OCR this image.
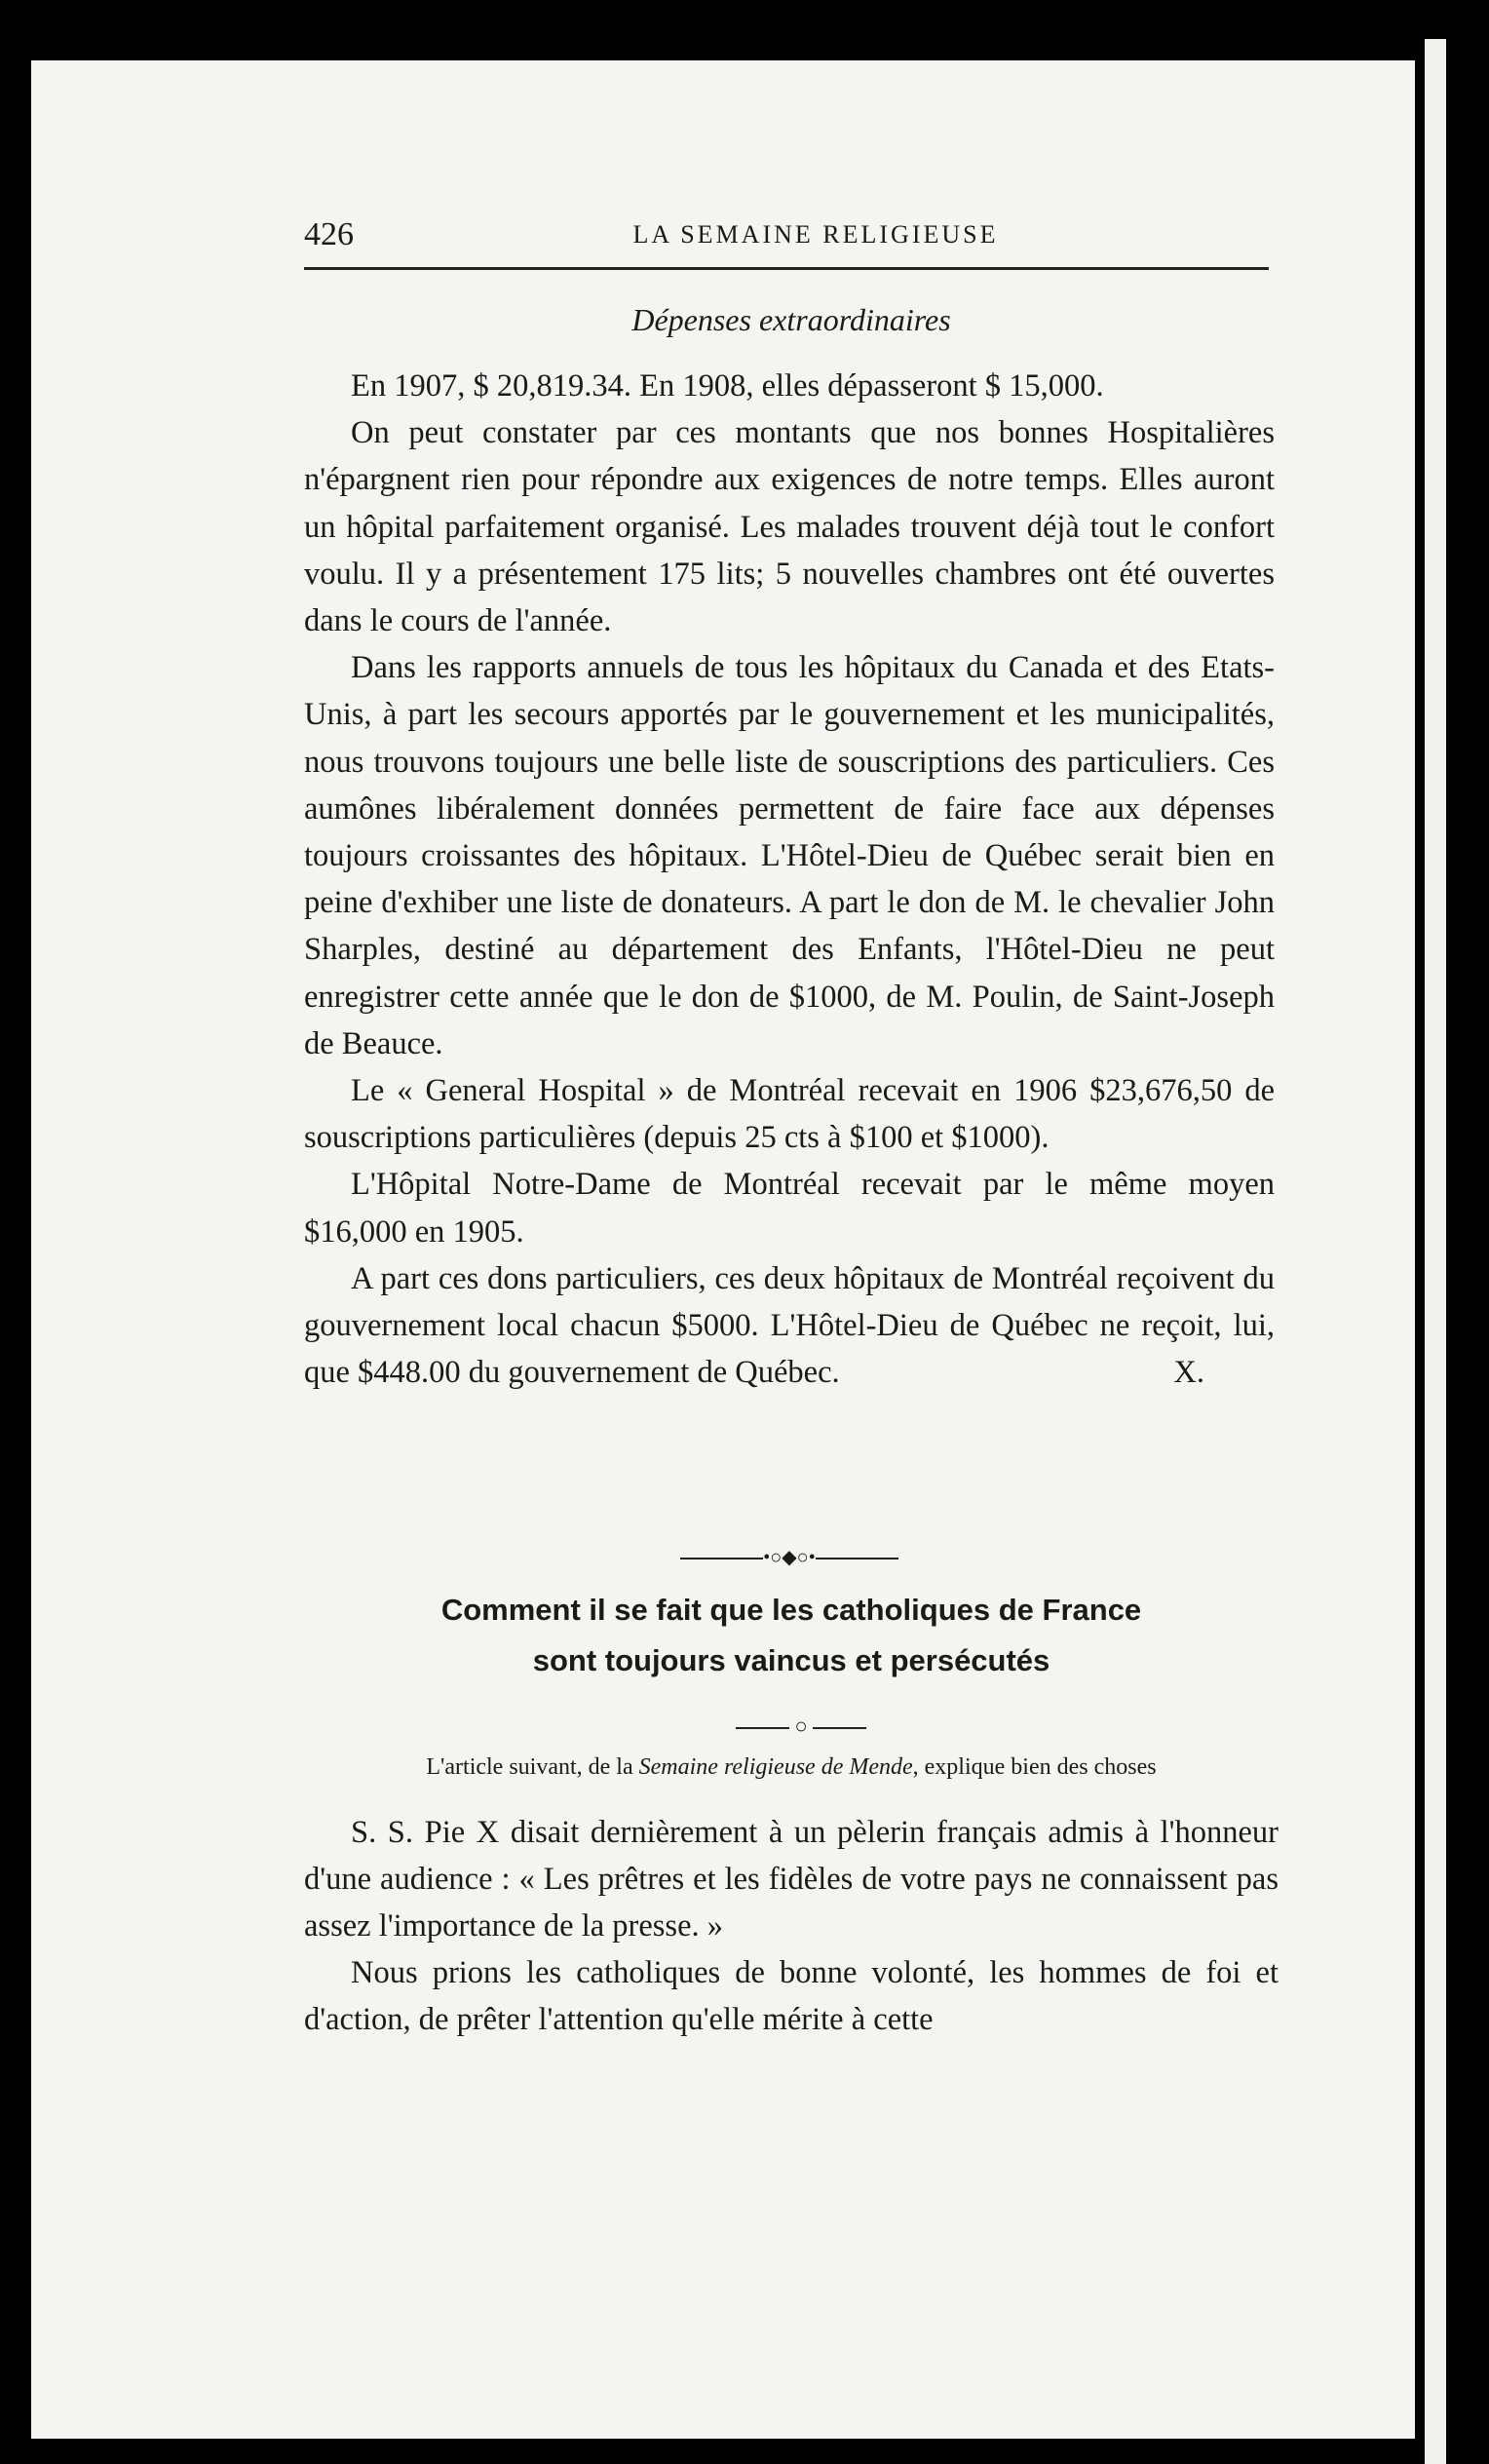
426	LA SEMAINE RELIGIEUSE
Dépenses extraordinaires

En 1907, $ 20,819.34. En 1908, elles dépasseront $ 15,000.

On peut constater par ces montants que nos bonnes Hospitalières n'épargnent rien pour répondre aux exigences de notre temps. Elles auront un hôpital parfaitement organisé. Les malades trouvent déjà tout le confort voulu. Il y a présentement 175 lits; 5 nouvelles chambres ont été ouvertes dans le cours de l'année.

Dans les rapports annuels de tous les hôpitaux du Canada et des Etats-Unis, à part les secours apportés par le gouvernement et les municipalités, nous trouvons toujours une belle liste de souscriptions des particuliers. Ces aumônes libéralement données permettent de faire face aux dépenses toujours croissantes des hôpitaux. L'Hôtel-Dieu de Québec serait bien en peine d'exhiber une liste de donateurs. A part le don de M. le chevalier John Sharples, destiné au département des Enfants, l'Hôtel-Dieu ne peut enregistrer cette année que le don de $1000, de M. Poulin, de Saint-Joseph de Beauce.

Le « General Hospital » de Montréal recevait en 1906 $23,676,50 de souscriptions particulières (depuis 25 cts à $100 et $1000).

L'Hôpital Notre-Dame de Montréal recevait par le même moyen $16,000 en 1905.

A part ces dons particuliers, ces deux hôpitaux de Montréal reçoivent du gouvernement local chacun $5000. L'Hôtel-Dieu de Québec ne reçoit, lui, que $448.00 du gouvernement de Québec.	X.

•○◆○•
Comment il se fait que les catholiques de France
sont toujours vaincus et persécutés
○
L'article suivant, de la Semaine religieuse de Mende, explique bien des choses

S. S. Pie X disait dernièrement à un pèlerin français admis à l'honneur d'une audience : « Les prêtres et les fidèles de votre pays ne connaissent pas assez l'importance de la presse. »

Nous prions les catholiques de bonne volonté, les hommes de foi et d'action, de prêter l'attention qu'elle mérite à cette
